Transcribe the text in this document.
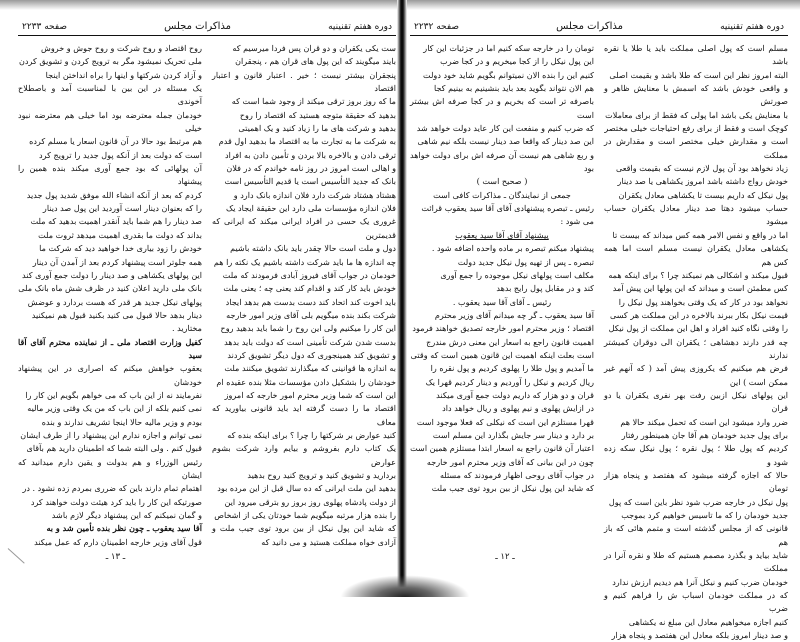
دوره هفتم تقنینیه
مذاکرات مجلس
صفحه ۲۲۳۳

ست یکی یکقران و دو قران پس فردا میرسیم که

بایند میگویند که این پول های قران هم ، پنجقران

پنجقران بیشتر نیست ؛ خیر . اعتبار قانون و اعتبار اقتصاد

ما که روز بروز ترقی میکند از وجود شما است که

بدهید که حقیقة متوجه هستید که اقتصاد را روح

بدهید و شرکت های ما را زیاد کنید و یک اهمیتی

به شرکت ما به تجارت ما به اقتصاد ما بدهید اول قدم

ترقی دادن و بالاخره بالا بردن و تأمین دادن به افراد

و اهالی است امروز در روز نامه خواندم که در فلان

بانک که جدید التأسیس است یا قدیم التأسیس است

هشتاد هشتاد شرکت دارد فلان اندازه بانک دارد و

فلان اندازه مؤسسات ملی دارد این حقیقة ایجاد یک

غروری یک حسی در افراد ایرانی میکند که ایرانی که قدیمترین

دول و ملت است حالا چقدر باید بانک داشته باشیم

چه اندازه ها ما باید شرکت داشته باشیم یک نکته را هم

خودمان در جواب آقای فیروز آبادی فرمودند که ملت

خودش باید کار کند و اقدام کند یعنی چه ؛ یعنی ملت

باید اخوت کند اتحاد کند دست بدست هم بدهد ایجاد

شرکت بکند بنده میگویم بلی آقای وزیر امور خارجه

این کار را میکنیم ولی این روح را شما باید بدهید روح

بدست شدن شرکت تأمینی است که دولت باید بدهد

و تشویق کند همینجوری که دول دیگر تشویق کردند

به اندازه ها قوانینی که میگذارند تشویق میکنند ملت

خودشان را بتشکیل دادن مؤسسات مثلا بنده عقیده ام

این است که شما وزیر محترم امور خارجه که امروز

اقتصاد ما را دست گرفته اید باید قانونی بیاورید که معاف

کنید عوارض بر شرکتها را چرا ؟ برای اینکه بنده که

یک کتاب دارم بفروشم و بیایم وارد شرکت بشوم عوارض

بردارید و تشویق کنید و ترویج کنید روح بدهید

بدهید این ملت ایرانی که ده سال قبل از این مرده بود

از دولت پادشاه پهلوی روز بروز رو بترقی میرود این

را بنده هزار مرتبه میگویم شما خودتان یکی از اشخاص

که شاید این پول نیکل از بین برود توی جیب ملت و آزادی خواه مملکت هستید و می دانید که

روح اقتصاد و روح شرکت و روح جوش و خروش

ملی تحریک نمیشود مگر به ترویج کردن و تشویق کردن

و آزاد کردن شرکتها و اینها را براه انداختن اینجا

یک مسئله در این بین با لمناسبت آمد و باصطلاح آخوندی

خودمان جمله معترضه بود اما خیلی هم معترضه نبود خیلی

هم مرتبط بود حالا در آن قانون اسعار یا مسلم کرده

است که دولت بعد از آنکه پول جدید را ترویج کرد

آن پولهائی که بود جمع آوری میکند بنده همین را پیشنهاد

کردم که بعد از آنکه انشاء الله موفق شدید پول جدید

را که بعنوان دینار است آوردید این پول صد دینار

صد دینار را هم شما باید آنقدر اهمیت بدهید که ملت

بداند که دولت ما بقدری اهمیت میدهد ثروت ملت

خودش را زود بیاری خدا خواهید دید که شرکت ما

همه جلوتر است پیشنهاد کردم بعد از آمدن آن دینار

این پولهای یکشاهی و صد دینار را دولت جمع آوری کند

بانک ملی دارید اعلان کنید در ظرف شش ماه بانک ملی

پولهای نیکل جدید هر قدر که هست بردارد و عوضش

دینار بدهد حالا قبول می کنید بکنید قبول هم نمیکنید

مختارید .

کفیل وزارت اقتصاد ملی ـ از نماینده محترم آقای آقا سید

یعقوب خواهش میکنم که اصراری در این پیشنهاد خودشان

نفرمایند نه از این باب که می خواهم بگویم این کار را

نمی کنیم بلکه از این باب که من یک وقتی وزیر مالیه

بودم و وزیر مالیه حالا اینجا تشریف ندارند و بنده

نمی توانم و اجازه ندارم این پیشنهاد را از طرف ایشان

قبول کنم . ولی البته شما که اطمینان دارید هم بآقای

رئیس الوزراء و هم بدولت و یقین دارم میدانید که ایشان

اهتمام تمام دارند باین که ضرری بمردم زده نشود . در

صورتیکه این کار را باید کرد هیئت دولت خواهند کرد

و گمان نمیکنم که این پیشنهاد دیگر لازم باشد

آقا سید یعقوب ـ چون نظر بنده تأمین شد و به

قول آقای وزیر خارجه اطمینان دارم که عمل میکند

ـ ۱۳ ـ
دوره هفتم تقنینیه
مذاکرات مجلس
صفحه ۲۲۳۲

مسلم است که پول اصلی مملکت باید یا طلا یا نقره باشد

البته امروز نظر این است که طلا باشد و بقیمت اصلی

و واقعی خودش باشد که اسمش با معنایش ظاهر و صورتش

با معنایش یکی باشد اما پولی که فقط از برای معاملات

کوچک است و فقط از برای رفع احتیاجات خیلی مختصر

است و مقدارش خیلی مختصر است و مقدارش در مملکت

زیاد نخواهد بود آن پول لازم نیست که بقیمت واقعی

خودش رواج داشته باشد امروز یکشاهی یا صد دینار

پول نیکل که داریم بیست تا یکشاهی معادل یکقران

حساب میشود دهتا صد دینار معادل یکقران حساب میشود

اما در واقع و نفس الامر همه کس میداند که بیست تا

یکشاهی معادل یکقران نیست مسلم است اما همه کس هم

قبول میکند و اشکالی هم نمیکند چرا ؟ برای اینکه همه

کس مطمئن است و میداند که این پولها این پیش آمد

نخواهد بود در کار که یک وقتی بخواهند پول نیکل را

قیمت نیکل بکار ببرند بالاخره در این مملکت هر کسی

را وقتی نگاه کنید افراد و اهل این مملکت از پول نیکل

چه قدر دارند دهشاهی ؛ یکقران الی دوقران کمیشتر ندارند

فرض هم میکنیم که یکروزی پیش آمد ( که آنهم غیر ممکن است ) این

این پولهای نیکل ازبین رفت بهر نفری یکقران یا دو قران

ضرر وارد میشود این است که تحمل میکند حالا هم

برای پول جدید خودمان هم آقا جان همینطور رفتار

کردیم که پول طلا ؛ پول نقره ؛ پول نیکل سکه زده شود و

حالا که اجازه گرفته میشود که هفتصد و پنجاه هزار تومان

پول نیکل در خارجه ضرب شود نظر باین است که پول

جدید خودمان را که ما تاسیس خواهیم کرد بموجب

قانونی که از مجلس گذشته است و متمم هائی که باز هم

شاید بیاید و بگذرد مصمم هستیم که طلا و نقره آنرا در مملکت

خودمان ضرب کنیم و نیکل آنرا هم دیدیم ارزش ندارد

که در مملکت خودمان اسباب ش را فراهم کنیم و ضرب

کنیم اجازه میخواهیم معادل این مبلغ نه یکشاهی

و صد دینار امروز بلکه معادل این هفتصد و پنجاه هزار

تومان را در خارجه سکه کنیم اما در جزئیات این کار

این پول نیکل را از کجا میخریم و در کجا ضرب

کنیم این را بنده الان نمیتوانم بگویم شاید خود دولت

هم الان نتواند بگوید بعد باید بنشینیم به بینیم کجا

باصرفه تر است که بخریم و در کجا صرفه اش بیشتر است

که ضرب کنیم و منفعت این کار عاید دولت خواهد شد

این صد دینار که واقعا صد دینار نیست بلکه نیم شاهی

و ربع شاهی هم نیست آن صرفه اش برای دولت خواهد بود

( صحیح است )

جمعی از نمایندگان ـ مذاکرات کافی است

رئیس ـ تبصره پیشنهادی آقای آقا سید یعقوب قرائت

می شود :

پیشنهاد آقای آقا سید یعقوب

پیشنهاد میکنم تبصره بر ماده واحده اضافه شود .

تبصره ـ پس از تهیه پول نیکل جدید دولت

مکلف است پولهای نیکل موجوده را جمع آوری

کند و در مقابل پول رایج بدهد

رئیس ـ آقای آقا سید یعقوب .

آقا سید یعقوب ـ گر چه میدانم آقای وزیر محترم

اقتصاد ؛ وزیر محترم امور خارجه تصدیق خواهند فرمود

اهمیت قانون راجع به اسعار این معنی درش مندرج

است بعلت اینکه اهمیت این قانون همین است که وقتی

ما آمدیم و پول طلا را پهلوی کردیم و پول نقره را

ریال کردیم و نیکل را آوردیم و دینار کردیم قهرا یک

قران و دو هزار که داریم دولت جمع آوری میکند

در ازایش پهلوی و نیم پهلوی و ریال خواهد داد

قهرا مستلزم این است که نیکلی که فعلا موجود است

بر دارد و دینار سر جایش بگذارد این مسلم است

اعتبار آن قانون راجع به اسعار ابتدا مستلزم همین است

چون در این بیانی که آقای وزیر محترم امور خارجه

در جواب آقای روحی اظهار فرمودند که مسئله

که شاید این پول نیکل از بین برود توی جیب ملت

ـ ۱۲ ـ
